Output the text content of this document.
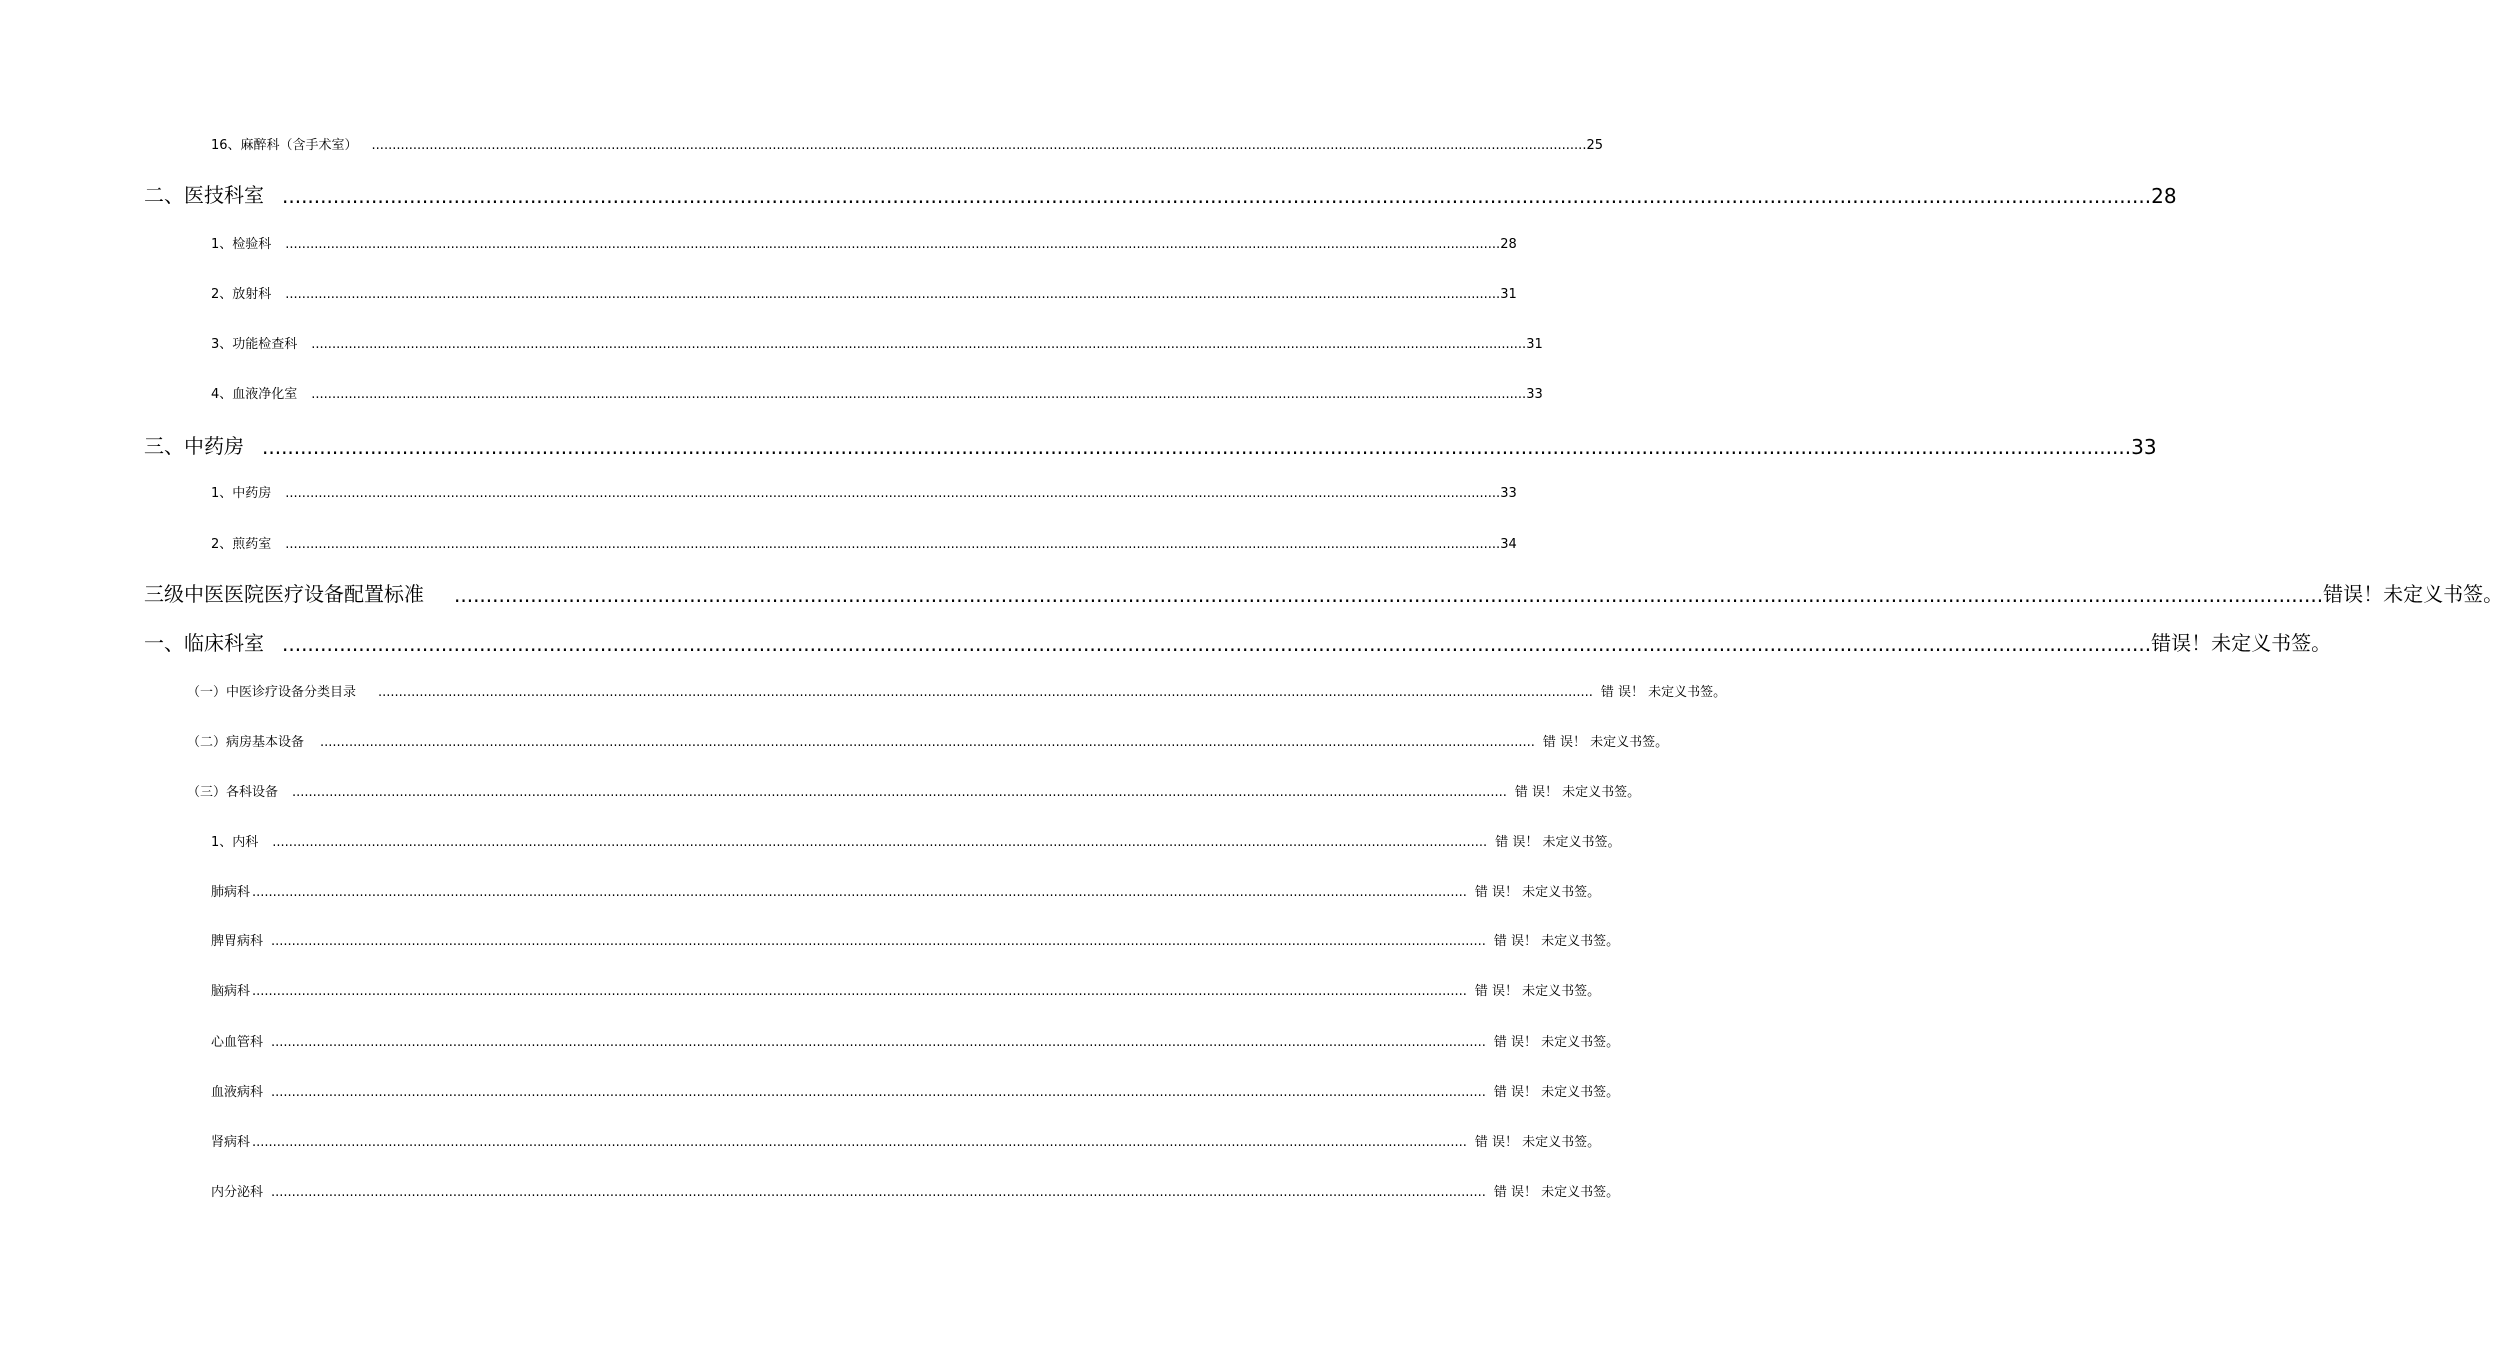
16、麻醉科（含手术室）	...................................................................................................................................................................................................................................................................................................... 25
二、医技科室 ...................................................................................................................................................................................................................................................................................................... 28
1、检验科	...................................................................................................................................................................................................................................................................................................... 28
2、放射科	...................................................................................................................................................................................................................................................................................................... 31
3、功能检查科	...................................................................................................................................................................................................................................................................................................... 31
4、血液净化室	...................................................................................................................................................................................................................................................................................................... 33
三、中药房 ...................................................................................................................................................................................................................................................................................................... 33
1、中药房	...................................................................................................................................................................................................................................................................................................... 33
2、煎药室	...................................................................................................................................................................................................................................................................................................... 34
三级中医医院医疗设备配置标准	...................................................................................................................................................................................................................................................................................................... 错误！未定义书签。
一、临床科室 ...................................................................................................................................................................................................................................................................................................... 错误！未定义书签。
（一）中医诊疗设备分类目录	...................................................................................................................................................................................................................................................................................................... 错 误！ 未定义书签。
（二）病房基本设备	...................................................................................................................................................................................................................................................................................................... 错 误！ 未定义书签。
（三）各科设备	...................................................................................................................................................................................................................................................................................................... 错 误！ 未定义书签。
1、内科	...................................................................................................................................................................................................................................................................................................... 错 误！ 未定义书签。
肺病科 ...................................................................................................................................................................................................................................................................................................... 错 误！ 未定义书签。
脾胃病科 ...................................................................................................................................................................................................................................................................................................... 错 误！ 未定义书签。
脑病科 ...................................................................................................................................................................................................................................................................................................... 错 误！ 未定义书签。
心血管科 ...................................................................................................................................................................................................................................................................................................... 错 误！ 未定义书签。
血液病科 ...................................................................................................................................................................................................................................................................................................... 错 误！ 未定义书签。
肾病科 ...................................................................................................................................................................................................................................................................................................... 错 误！ 未定义书签。
内分泌科 ...................................................................................................................................................................................................................................................................................................... 错 误！ 未定义书签。
